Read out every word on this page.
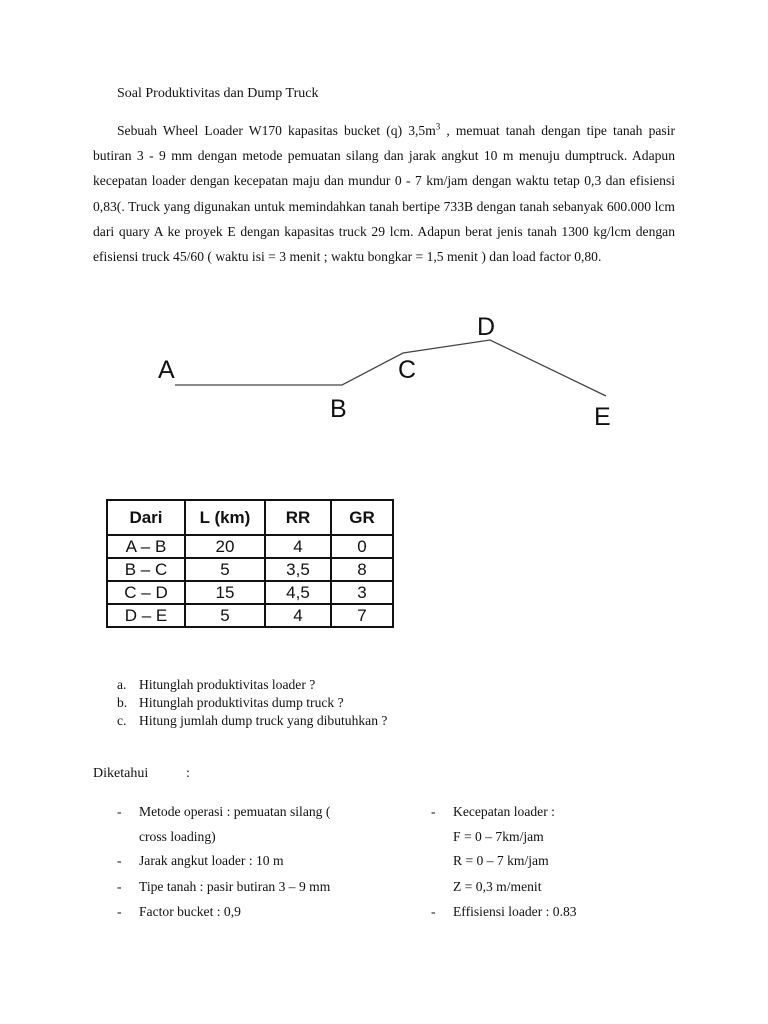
Soal Produktivitas dan Dump Truck
Sebuah Wheel Loader W170 kapasitas bucket (q) $3,5m^3$ , memuat tanah dengan tipe tanah pasir butiran 3 - 9 mm dengan metode pemuatan silang dan jarak angkut 10 m menuju dumptruck. Adapun kecepatan loader dengan kecepatan maju dan mundur 0 - 7 km/jam dengan waktu tetap 0,3 dan efisiensi 0,83(. Truck yang digunakan untuk memindahkan tanah bertipe 733B dengan tanah sebanyak 600.000 lcm dari quary A ke proyek E dengan kapasitas truck 29 lcm. Adapun berat jenis tanah 1300 kg/lcm dengan efisiensi truck 45/60 ( waktu isi = 3 menit ; waktu bongkar = 1,5 menit ) dan load factor 0,80.
A
B
C
D
E
Dari	L (km)	RR	GR
A – B	20	4	0
B – C	5	3,5	8
C – D	15	4,5	3
D – E	5	4	7
a. Hitunglah produktivitas loader ?
b. Hitunglah produktivitas dump truck ?
c. Hitung jumlah dump truck yang dibutuhkan ?
Diketahui	:
- Metode operasi : pemuatan silang (
cross loading)
- Jarak angkut loader : 10 m
- Tipe tanah : pasir butiran 3 – 9 mm
- Factor bucket : 0,9
- Kecepatan loader :
F = 0 – 7km/jam
R = 0 – 7 km/jam
Z = 0,3 m/menit
- Effisiensi loader : 0.83
